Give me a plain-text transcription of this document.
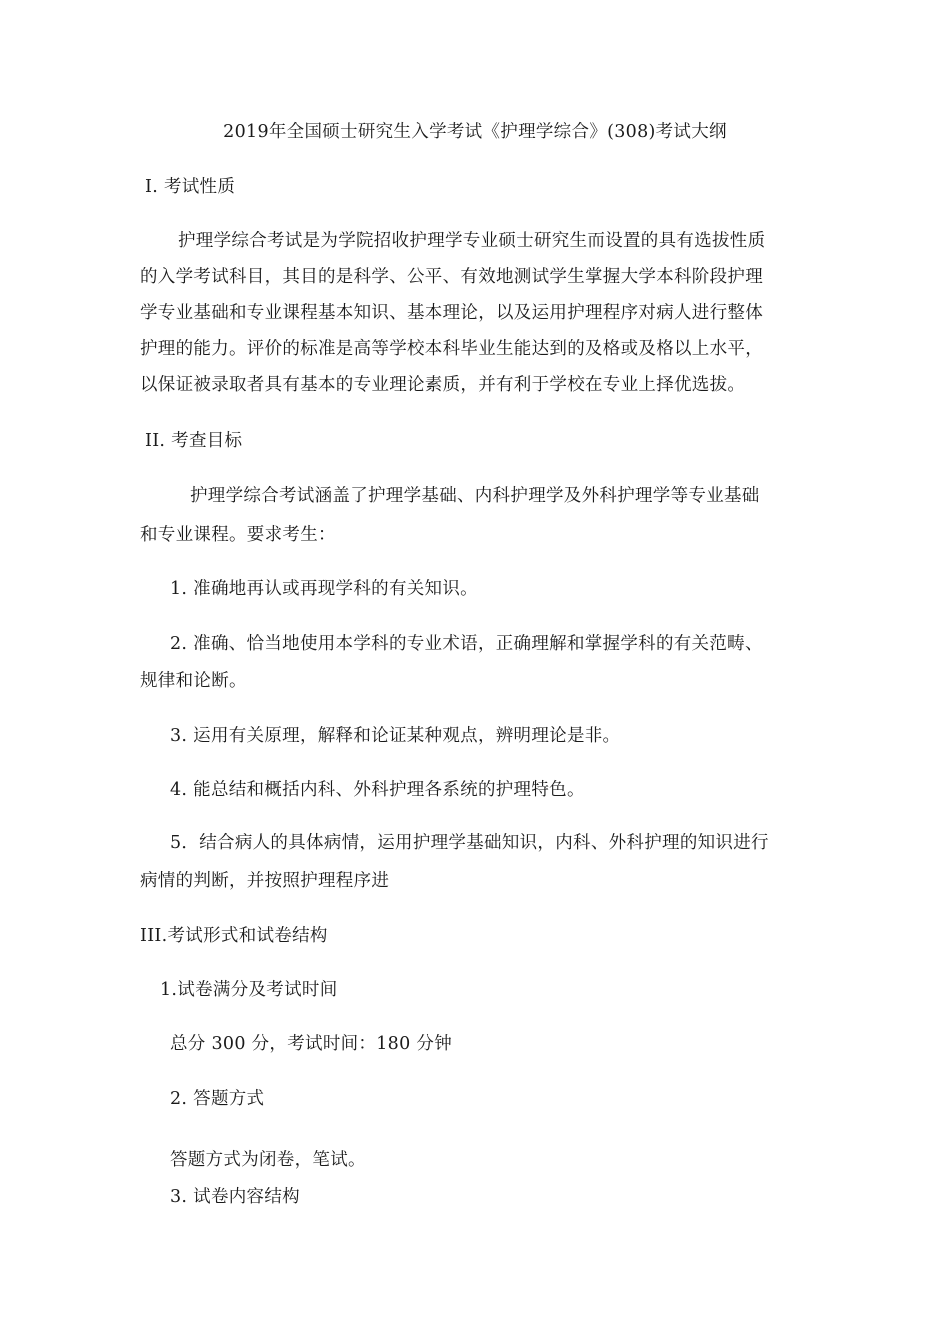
2019年全国硕士研究生入学考试《护理学综合》(308)考试大纲
I. 考试性质
护理学综合考试是为学院招收护理学专业硕士研究生而设置的具有选拔性质
的入学考试科目，其目的是科学、公平、有效地测试学生掌握大学本科阶段护理
学专业基础和专业课程基本知识、基本理论，以及运用护理程序对病人进行整体
护理的能力。评价的标准是高等学校本科毕业生能达到的及格或及格以上水平，
以保证被录取者具有基本的专业理论素质，并有利于学校在专业上择优选拔。
II. 考查目标
护理学综合考试涵盖了护理学基础、内科护理学及外科护理学等专业基础
和专业课程。要求考生：
1. 准确地再认或再现学科的有关知识。
2. 准确、恰当地使用本学科的专业术语，正确理解和掌握学科的有关范畴、
规律和论断。
3. 运用有关原理，解释和论证某种观点，辨明理论是非。
4. 能总结和概括内科、外科护理各系统的护理特色。
5．结合病人的具体病情，运用护理学基础知识，内科、外科护理的知识进行
病情的判断，并按照护理程序进
III.考试形式和试卷结构
1.试卷满分及考试时间
总分 300 分，考试时间：180 分钟
2. 答题方式
答题方式为闭卷，笔试。
3. 试卷内容结构
